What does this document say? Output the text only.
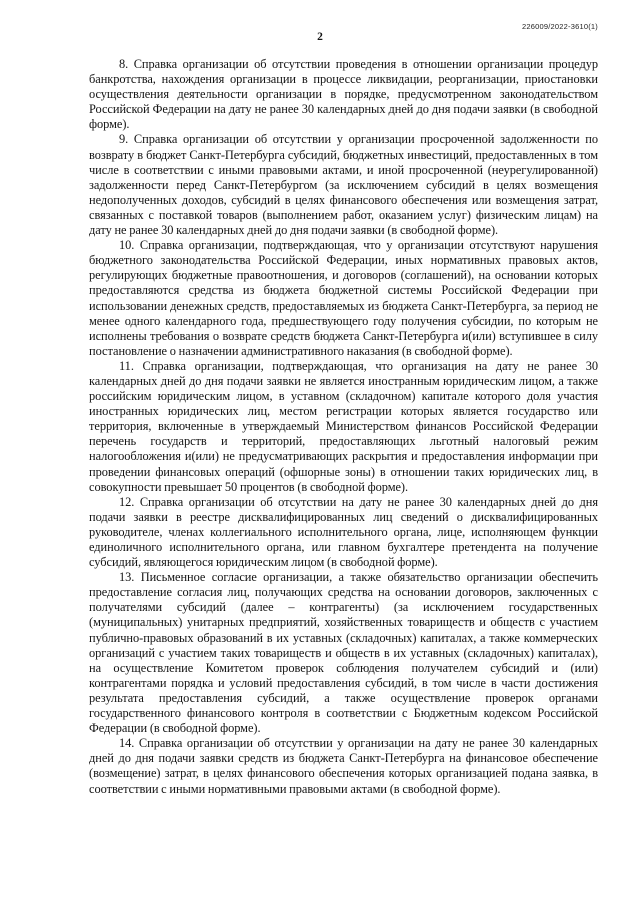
226009/2022-3610(1)
2

8. Справка организации об отсутствии проведения в отношении организации процедур банкротства, нахождения организации в процессе ликвидации, реорганизации, приостановки осуществления деятельности организации в порядке, предусмотренном законодательством Российской Федерации на дату не ранее 30 календарных дней до дня подачи заявки (в свободной форме).

9. Справка организации об отсутствии у организации просроченной задолженности по возврату в бюджет Санкт-Петербурга субсидий, бюджетных инвестиций, предоставленных в том числе в соответствии с иными правовыми актами, и иной просроченной (неурегулированной) задолженности перед Санкт-Петербургом (за исключением субсидий в целях возмещения недополученных доходов, субсидий в целях финансового обеспечения или возмещения затрат, связанных с поставкой товаров (выполнением работ, оказанием услуг) физическим лицам) на дату не ранее 30 календарных дней до дня подачи заявки (в свободной форме).

10. Справка организации, подтверждающая, что у организации отсутствуют нарушения бюджетного законодательства Российской Федерации, иных нормативных правовых актов, регулирующих бюджетные правоотношения, и договоров (соглашений), на основании которых предоставляются средства из бюджета бюджетной системы Российской Федерации при использовании денежных средств, предоставляемых из бюджета Санкт-Петербурга, за период не менее одного календарного года, предшествующего году получения субсидии, по которым не исполнены требования о возврате средств бюджета Санкт-Петербурга и(или) вступившее в силу постановление о назначении административного наказания (в свободной форме).

11. Справка организации, подтверждающая, что организация на дату не ранее 30 календарных дней до дня подачи заявки не является иностранным юридическим лицом, а также российским юридическим лицом, в уставном (складочном) капитале которого доля участия иностранных юридических лиц, местом регистрации которых является государство или территория, включенные в утверждаемый Министерством финансов Российской Федерации перечень государств и территорий, предоставляющих льготный налоговый режим налогообложения и(или) не предусматривающих раскрытия и предоставления информации при проведении финансовых операций (офшорные зоны) в отношении таких юридических лиц, в совокупности превышает 50 процентов (в свободной форме).

12. Справка организации об отсутствии на дату не ранее 30 календарных дней до дня подачи заявки в реестре дисквалифицированных лиц сведений о дисквалифицированных руководителе, членах коллегиального исполнительного органа, лице, исполняющем функции единоличного исполнительного органа, или главном бухгалтере претендента на получение субсидий, являющегося юридическим лицом (в свободной форме).

13. Письменное согласие организации, а также обязательство организации обеспечить предоставление согласия лиц, получающих средства на основании договоров, заключенных с получателями субсидий (далее – контрагенты) (за исключением государственных (муниципальных) унитарных предприятий, хозяйственных товариществ и обществ с участием публично-правовых образований в их уставных (складочных) капиталах, а также коммерческих организаций с участием таких товариществ и обществ в их уставных (складочных) капиталах), на осуществление Комитетом проверок соблюдения получателем субсидий и (или) контрагентами порядка и условий предоставления субсидий, в том числе в части достижения результата предоставления субсидий, а также осуществление проверок органами государственного финансового контроля в соответствии с Бюджетным кодексом Российской Федерации (в свободной форме).

14. Справка организации об отсутствии у организации на дату не ранее 30 календарных дней до дня подачи заявки средств из бюджета Санкт-Петербурга на финансовое обеспечение (возмещение) затрат, в целях финансового обеспечения которых организацией подана заявка, в соответствии с иными нормативными правовыми актами (в свободной форме).
